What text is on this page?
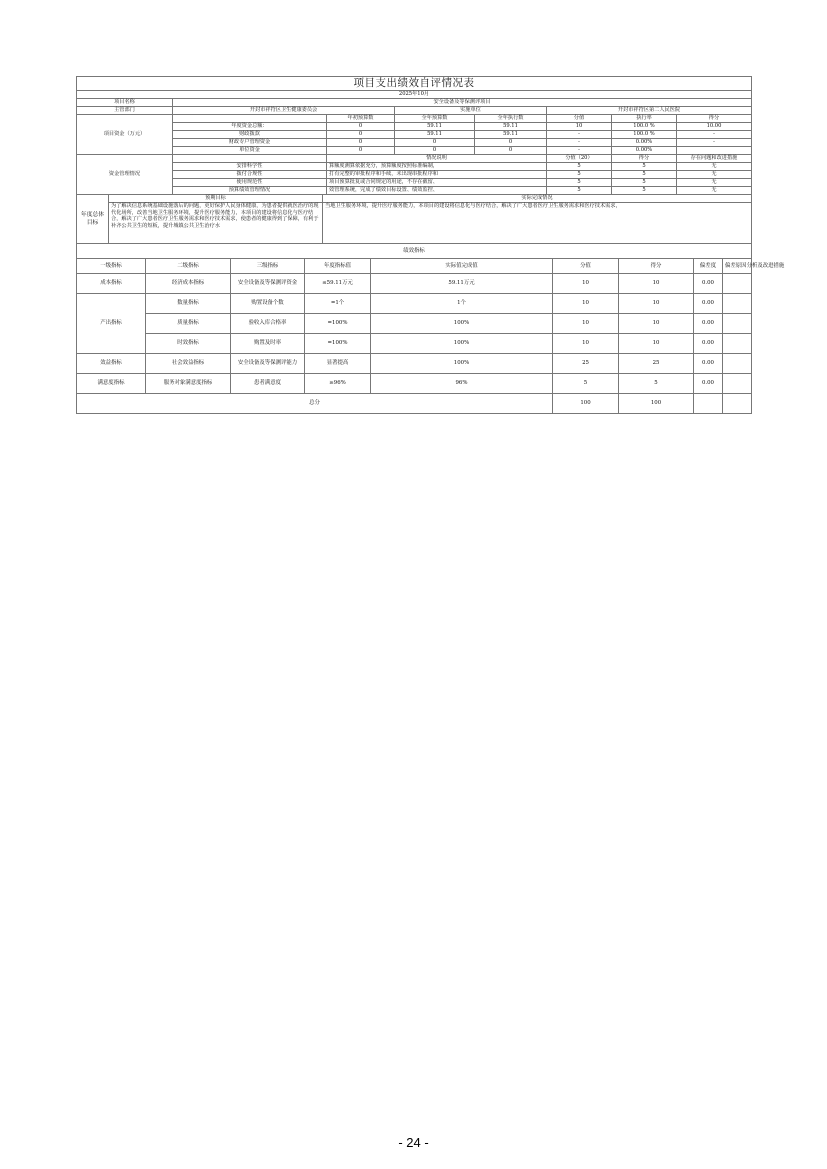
项目支出绩效自评情况表							
2025年10月							
项目名称	安全设备及等保测评项目						
主管部门	开封市祥符区卫生健康委员会		实施单位		开封市祥符区第二人民医院		
项目资金（万元）		年初预算数	全年预算数	全年执行数	分值	执行率	得分
	年度资金总额：	0	59.11	59.11	10	100.0 %	10.00
	财政拨款	0	59.11	59.11	-	100.0 %	-
	财政专户管理资金	0	0	0	-	0.00%	-
	单位资金	0	0	0	-	0.00%	
资金管理情况		情况说明			分值（20）	得分	存在问题和改进措施
	安排科学性	算额度测算依据充分，预算额度按照标准编制，			5	5	无
	拨付合规性	打有完整的审批程序和手续，未出现串批程序和			5	5	无
	使用规范性	项目预算批复或合同规定的用途，不存在截留、			5	5	无
	预算绩效管理情况	效管理系统，完成了绩效目标设置、绩效监控、			5	5	无
年度总体目标	预期目标	实际完成情况
	为了解决信息系统基础设施落后的问题，更好保护人民身体健康，为患者提供就医治疗的现代化场所，改善当地卫生服务环境，提升医疗服务能力，本项目的建设将信息化与医疗结合，解决了广大患者医疗卫生服务需求和医疗技术需求，使患者的健康得到了保障，有利于补齐公共卫生的短板，提升城镇公共卫生治疗水	当地卫生服务环境，提升医疗服务能力，本项目的建设将信息化与医疗结合，解决了广大患者医疗卫生服务需求和医疗技术需求，
绩效指标								
一级指标	二级指标	三级指标	年度指标值	实际值完成值	分值	得分	偏差度	偏差原因分析及改进措施
成本指标	经济成本指标	安全设备及等保测评资金	≤59.11万元	59.11万元	10	10	0.00	
产出指标	数量指标	购置设备个数	=1个	1个	10	10	0.00	
	质量指标	验收入库合格率	=100%	100%	10	10	0.00	
	时效指标	购置及时率	=100%	100%	10	10	0.00	
效益指标	社会效益指标	安全设备及等保测评能力	显著提高	100%	25	25	0.00	
满意度指标	服务对象满意度指标	患者满意度	≥96%	96%	5	5	0.00	
总分					100	100		
- 24 -
